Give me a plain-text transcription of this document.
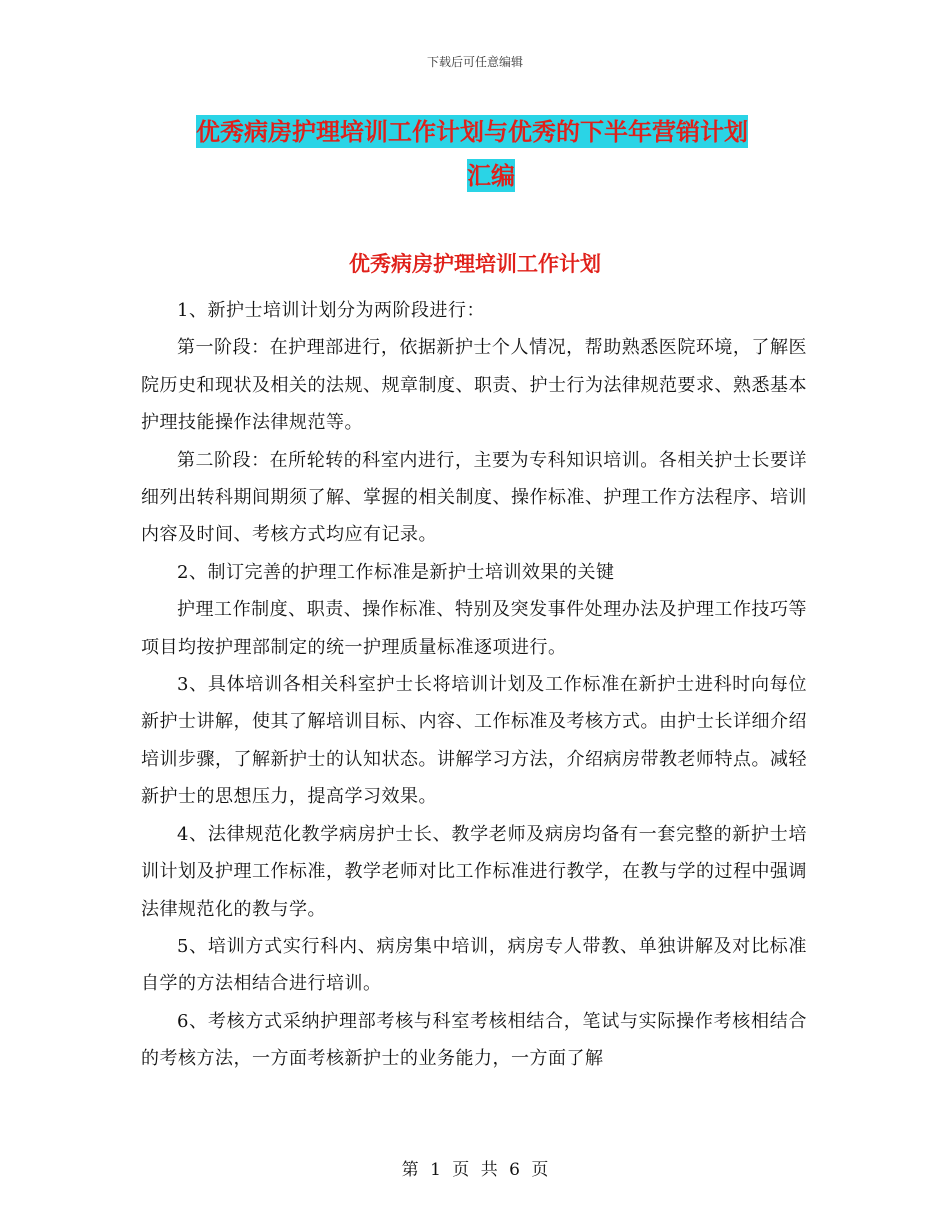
下载后可任意编辑
优秀病房护理培训工作计划与优秀的下半年营销计划
汇编
优秀病房护理培训工作计划

1、新护士培训计划分为两阶段进行：

第一阶段：在护理部进行，依据新护士个人情况，帮助熟悉医院环境，了解医院历史和现状及相关的法规、规章制度、职责、护士行为法律规范要求、熟悉基本护理技能操作法律规范等。

第二阶段：在所轮转的科室内进行，主要为专科知识培训。各相关护士长要详细列出转科期间期须了解、掌握的相关制度、操作标准、护理工作方法程序、培训内容及时间、考核方式均应有记录。

2、制订完善的护理工作标准是新护士培训效果的关键

护理工作制度、职责、操作标准、特别及突发事件处理办法及护理工作技巧等项目均按护理部制定的统一护理质量标准逐项进行。

3、具体培训各相关科室护士长将培训计划及工作标准在新护士进科时向每位新护士讲解，使其了解培训目标、内容、工作标准及考核方式。由护士长详细介绍培训步骤，了解新护士的认知状态。讲解学习方法，介绍病房带教老师特点。减轻新护士的思想压力，提高学习效果。

4、法律规范化教学病房护士长、教学老师及病房均备有一套完整的新护士培训计划及护理工作标准，教学老师对比工作标准进行教学，在教与学的过程中强调法律规范化的教与学。

5、培训方式实行科内、病房集中培训，病房专人带教、单独讲解及对比标准自学的方法相结合进行培训。

6、考核方式采纳护理部考核与科室考核相结合，笔试与实际操作考核相结合的考核方法，一方面考核新护士的业务能力，一方面了解

第 1 页 共 6 页
